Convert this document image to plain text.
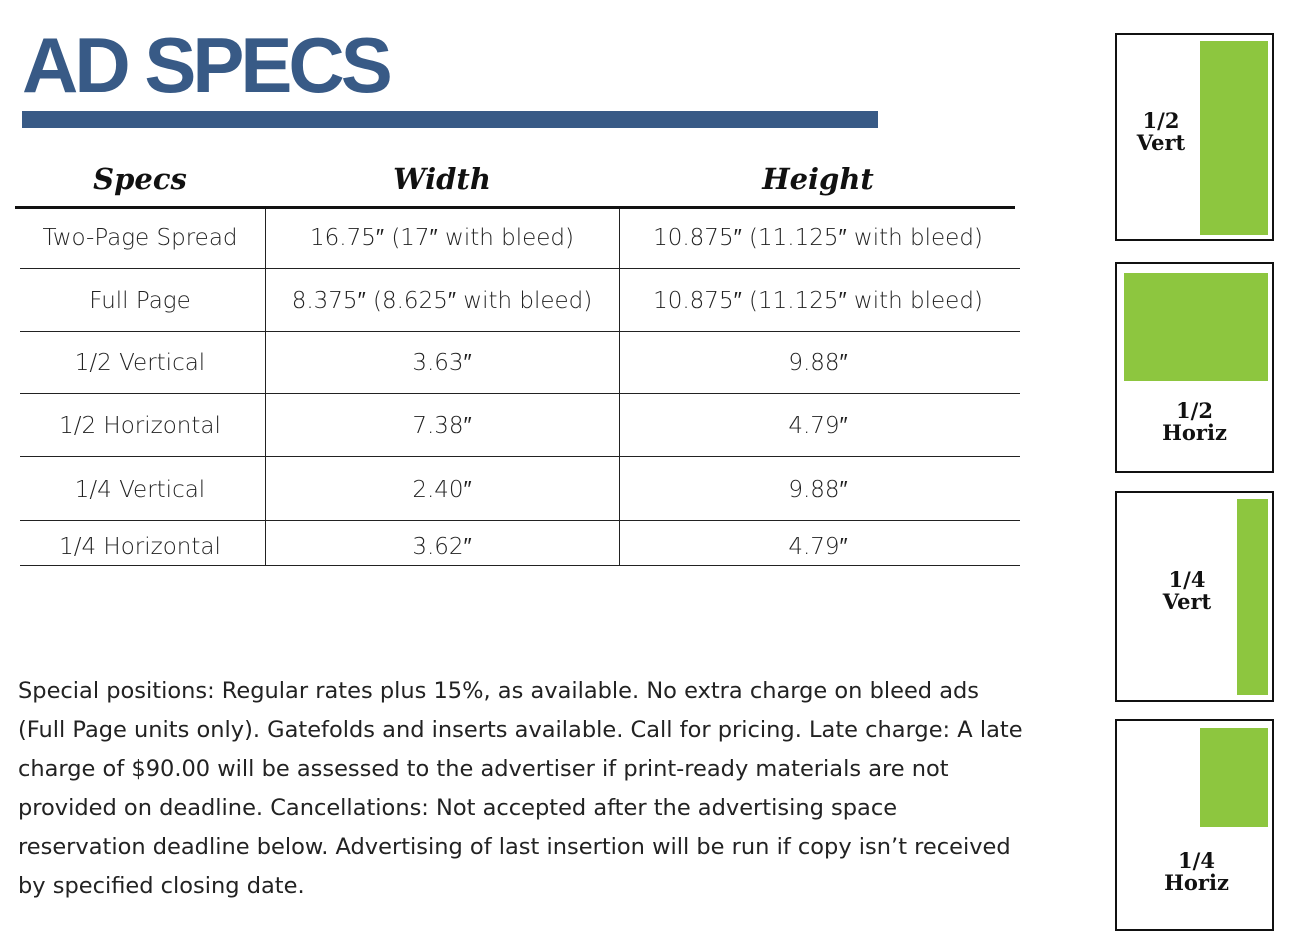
AD SPECS
Specs	Width	Height
Two-Page Spread	16.75″ (17″ with bleed)	10.875″ (11.125″ with bleed)
Full Page	8.375″ (8.625″ with bleed)	10.875″ (11.125″ with bleed)
1/2 Vertical	3.63″	9.88″
1/2 Horizontal	7.38″	4.79″
1/4 Vertical	2.40″	9.88″
1/4 Horizontal	3.62″	4.79″

Special positions: Regular rates plus 15%, as available. No extra charge on bleed ads (Full Page units only). Gatefolds and inserts available. Call for pricing. Late charge: A late charge of $90.00 will be assessed to the advertiser if print-ready materials are not provided on deadline. Cancellations: Not accepted after the advertising space reservation deadline below. Advertising of last insertion will be run if copy isn’t received by specified closing date.

1/2
Vert
1/2
Horiz
1/4
Vert
1/4
Horiz
